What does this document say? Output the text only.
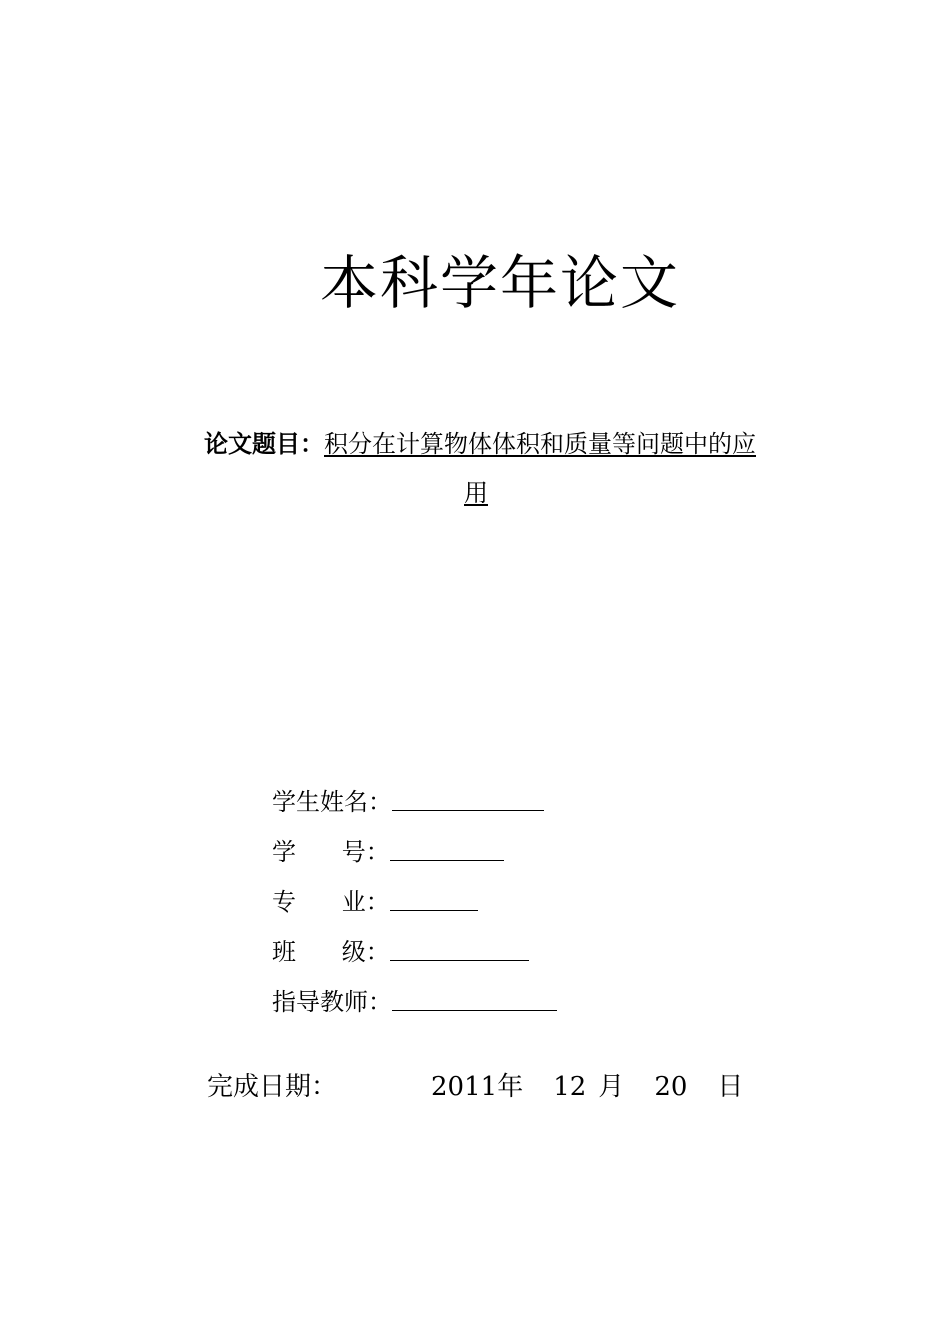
本科学年论文
论文题目：积分在计算物体体积和质量等问题中的应
用
学生姓名：
学      号：
专      业：
班      级：
指导教师：
完成日期：	2011年 12 月 20 日
